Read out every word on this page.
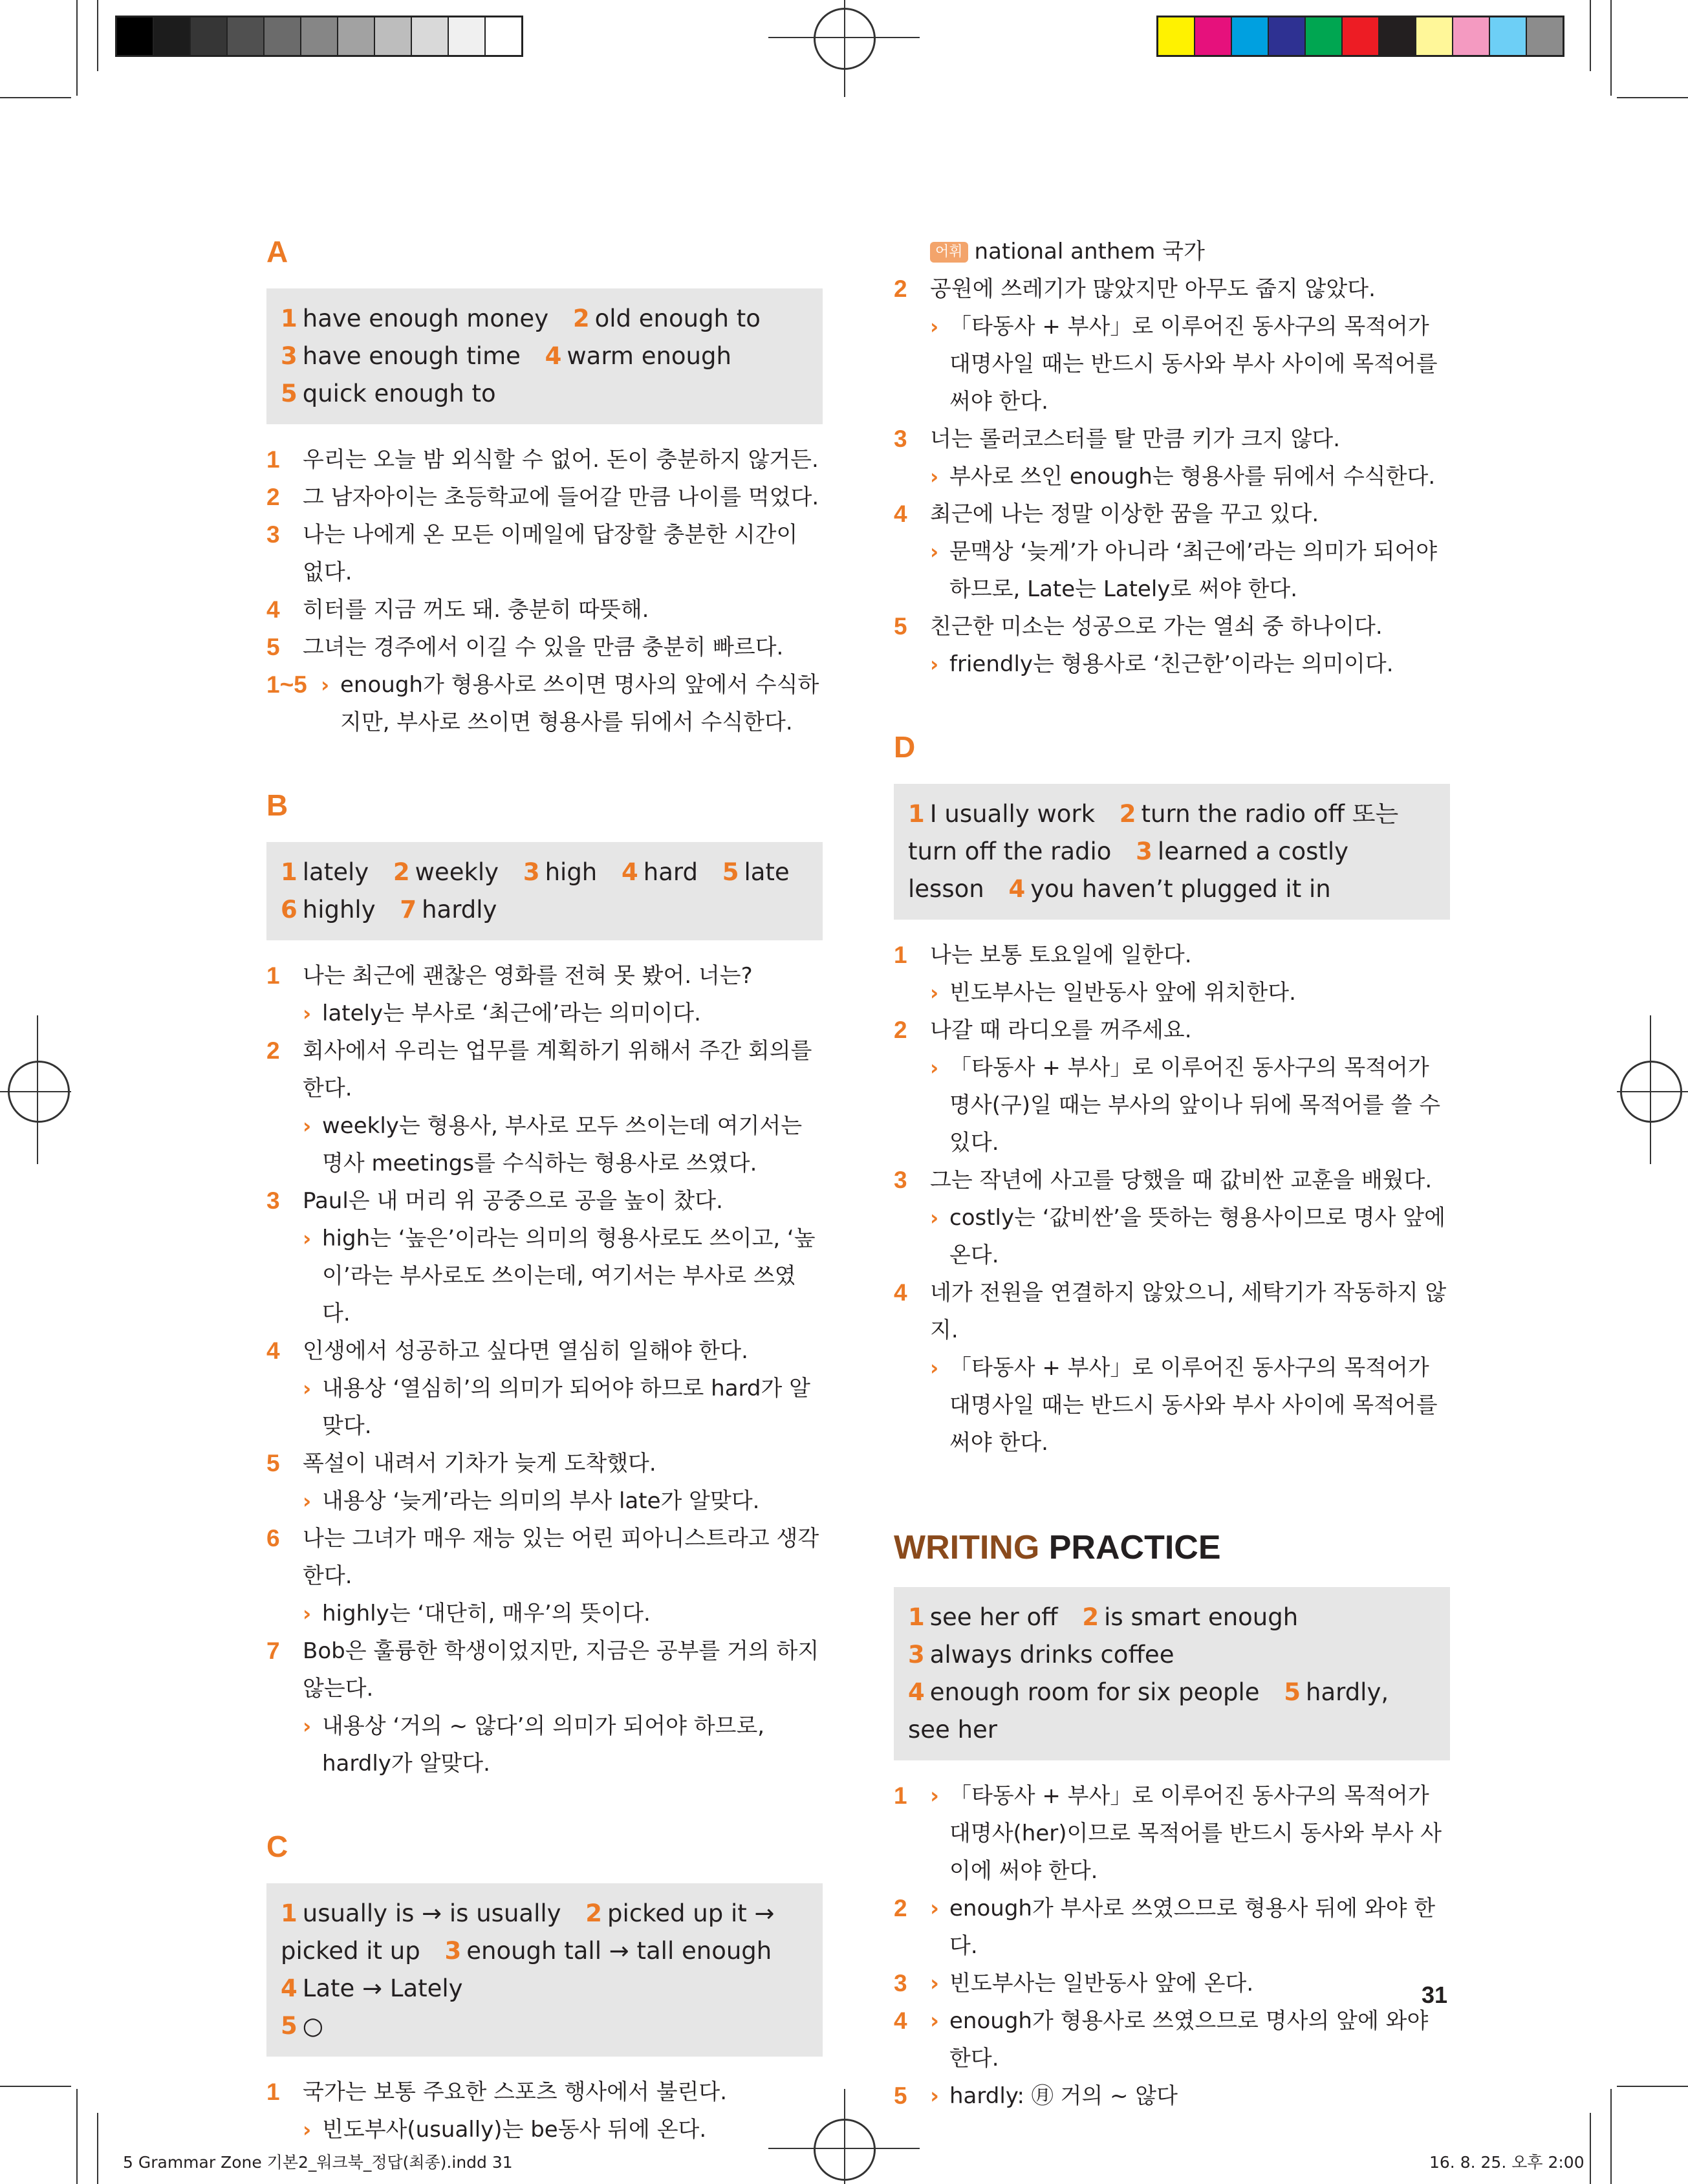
A
1 have enough money 2 old enough to
3 have enough time 4 warm enough
5 quick enough to
1	우리는 오늘 밤 외식할 수 없어. 돈이 충분하지 않거든.
2	그 남자아이는 초등학교에 들어갈 만큼 나이를 먹었다.
3	나는 나에게 온 모든 이메일에 답장할 충분한 시간이 없다.
4	히터를 지금 꺼도 돼. 충분히 따뜻해.
5	그녀는 경주에서 이길 수 있을 만큼 충분히 빠르다.
1~5 › enough가 형용사로 쓰이면 명사의 앞에서 수식하지만, 부사로 쓰이면 형용사를 뒤에서 수식한다.
B
1 lately 2 weekly 3 high 4 hard 5 late
6 highly 7 hardly
1	나는 최근에 괜찮은 영화를 전혀 못 봤어. 너는?
› lately는 부사로 ‘최근에’라는 의미이다.
2	회사에서 우리는 업무를 계획하기 위해서 주간 회의를 한다.
› weekly는 형용사, 부사로 모두 쓰이는데 여기서는 명사 meetings를 수식하는 형용사로 쓰였다.
3	Paul은 내 머리 위 공중으로 공을 높이 찼다.
› high는 ‘높은’이라는 의미의 형용사로도 쓰이고, ‘높이’라는 부사로도 쓰이는데, 여기서는 부사로 쓰였다.
4	인생에서 성공하고 싶다면 열심히 일해야 한다.
› 내용상 ‘열심히’의 의미가 되어야 하므로 hard가 알맞다.
5	폭설이 내려서 기차가 늦게 도착했다.
› 내용상 ‘늦게’라는 의미의 부사 late가 알맞다.
6	나는 그녀가 매우 재능 있는 어린 피아니스트라고 생각한다.
› highly는 ‘대단히, 매우’의 뜻이다.
7	Bob은 훌륭한 학생이었지만, 지금은 공부를 거의 하지 않는다.
› 내용상 ‘거의 ~ 않다’의 의미가 되어야 하므로, hardly가 알맞다.
C
1 usually is → is usually 2 picked up it → picked it up 3 enough tall → tall enough 4 Late → Lately
5 ○
1	국가는 보통 주요한 스포츠 행사에서 불린다.
› 빈도부사(usually)는 be동사 뒤에 온다.
어휘 national anthem 국가
2	공원에 쓰레기가 많았지만 아무도 줍지 않았다.
› 「타동사 + 부사」로 이루어진 동사구의 목적어가 대명사일 때는 반드시 동사와 부사 사이에 목적어를 써야 한다.
3	너는 롤러코스터를 탈 만큼 키가 크지 않다.
› 부사로 쓰인 enough는 형용사를 뒤에서 수식한다.
4	최근에 나는 정말 이상한 꿈을 꾸고 있다.
› 문맥상 ‘늦게’가 아니라 ‘최근에’라는 의미가 되어야 하므로, Late는 Lately로 써야 한다.
5	친근한 미소는 성공으로 가는 열쇠 중 하나이다.
› friendly는 형용사로 ‘친근한’이라는 의미이다.
D
1 I usually work 2 turn the radio off 또는 turn off the radio 3 learned a costly lesson 4 you haven’t plugged it in
1	나는 보통 토요일에 일한다.
› 빈도부사는 일반동사 앞에 위치한다.
2	나갈 때 라디오를 꺼주세요.
› 「타동사 + 부사」로 이루어진 동사구의 목적어가 명사(구)일 때는 부사의 앞이나 뒤에 목적어를 쓸 수 있다.
3	그는 작년에 사고를 당했을 때 값비싼 교훈을 배웠다.
› costly는 ‘값비싼’을 뜻하는 형용사이므로 명사 앞에 온다.
4	네가 전원을 연결하지 않았으니, 세탁기가 작동하지 않지.
› 「타동사 + 부사」로 이루어진 동사구의 목적어가 대명사일 때는 반드시 동사와 부사 사이에 목적어를 써야 한다.
WRITING PRACTICE
1 see her off 2 is smart enough
3 always drinks coffee
4 enough room for six people 5 hardly, see her
1	› 「타동사 + 부사」로 이루어진 동사구의 목적어가 대명사(her)이므로 목적어를 반드시 동사와 부사 사이에 써야 한다.
2	› enough가 부사로 쓰였으므로 형용사 뒤에 와야 한다.
3	› 빈도부사는 일반동사 앞에 온다.
4	› enough가 형용사로 쓰였으므로 명사의 앞에 와야 한다.
5	› hardly: ㊊ 거의 ~ 않다
31
5 Grammar Zone 기본2_워크북_정답(최종).indd 31	16. 8. 25. 오후 2:00
